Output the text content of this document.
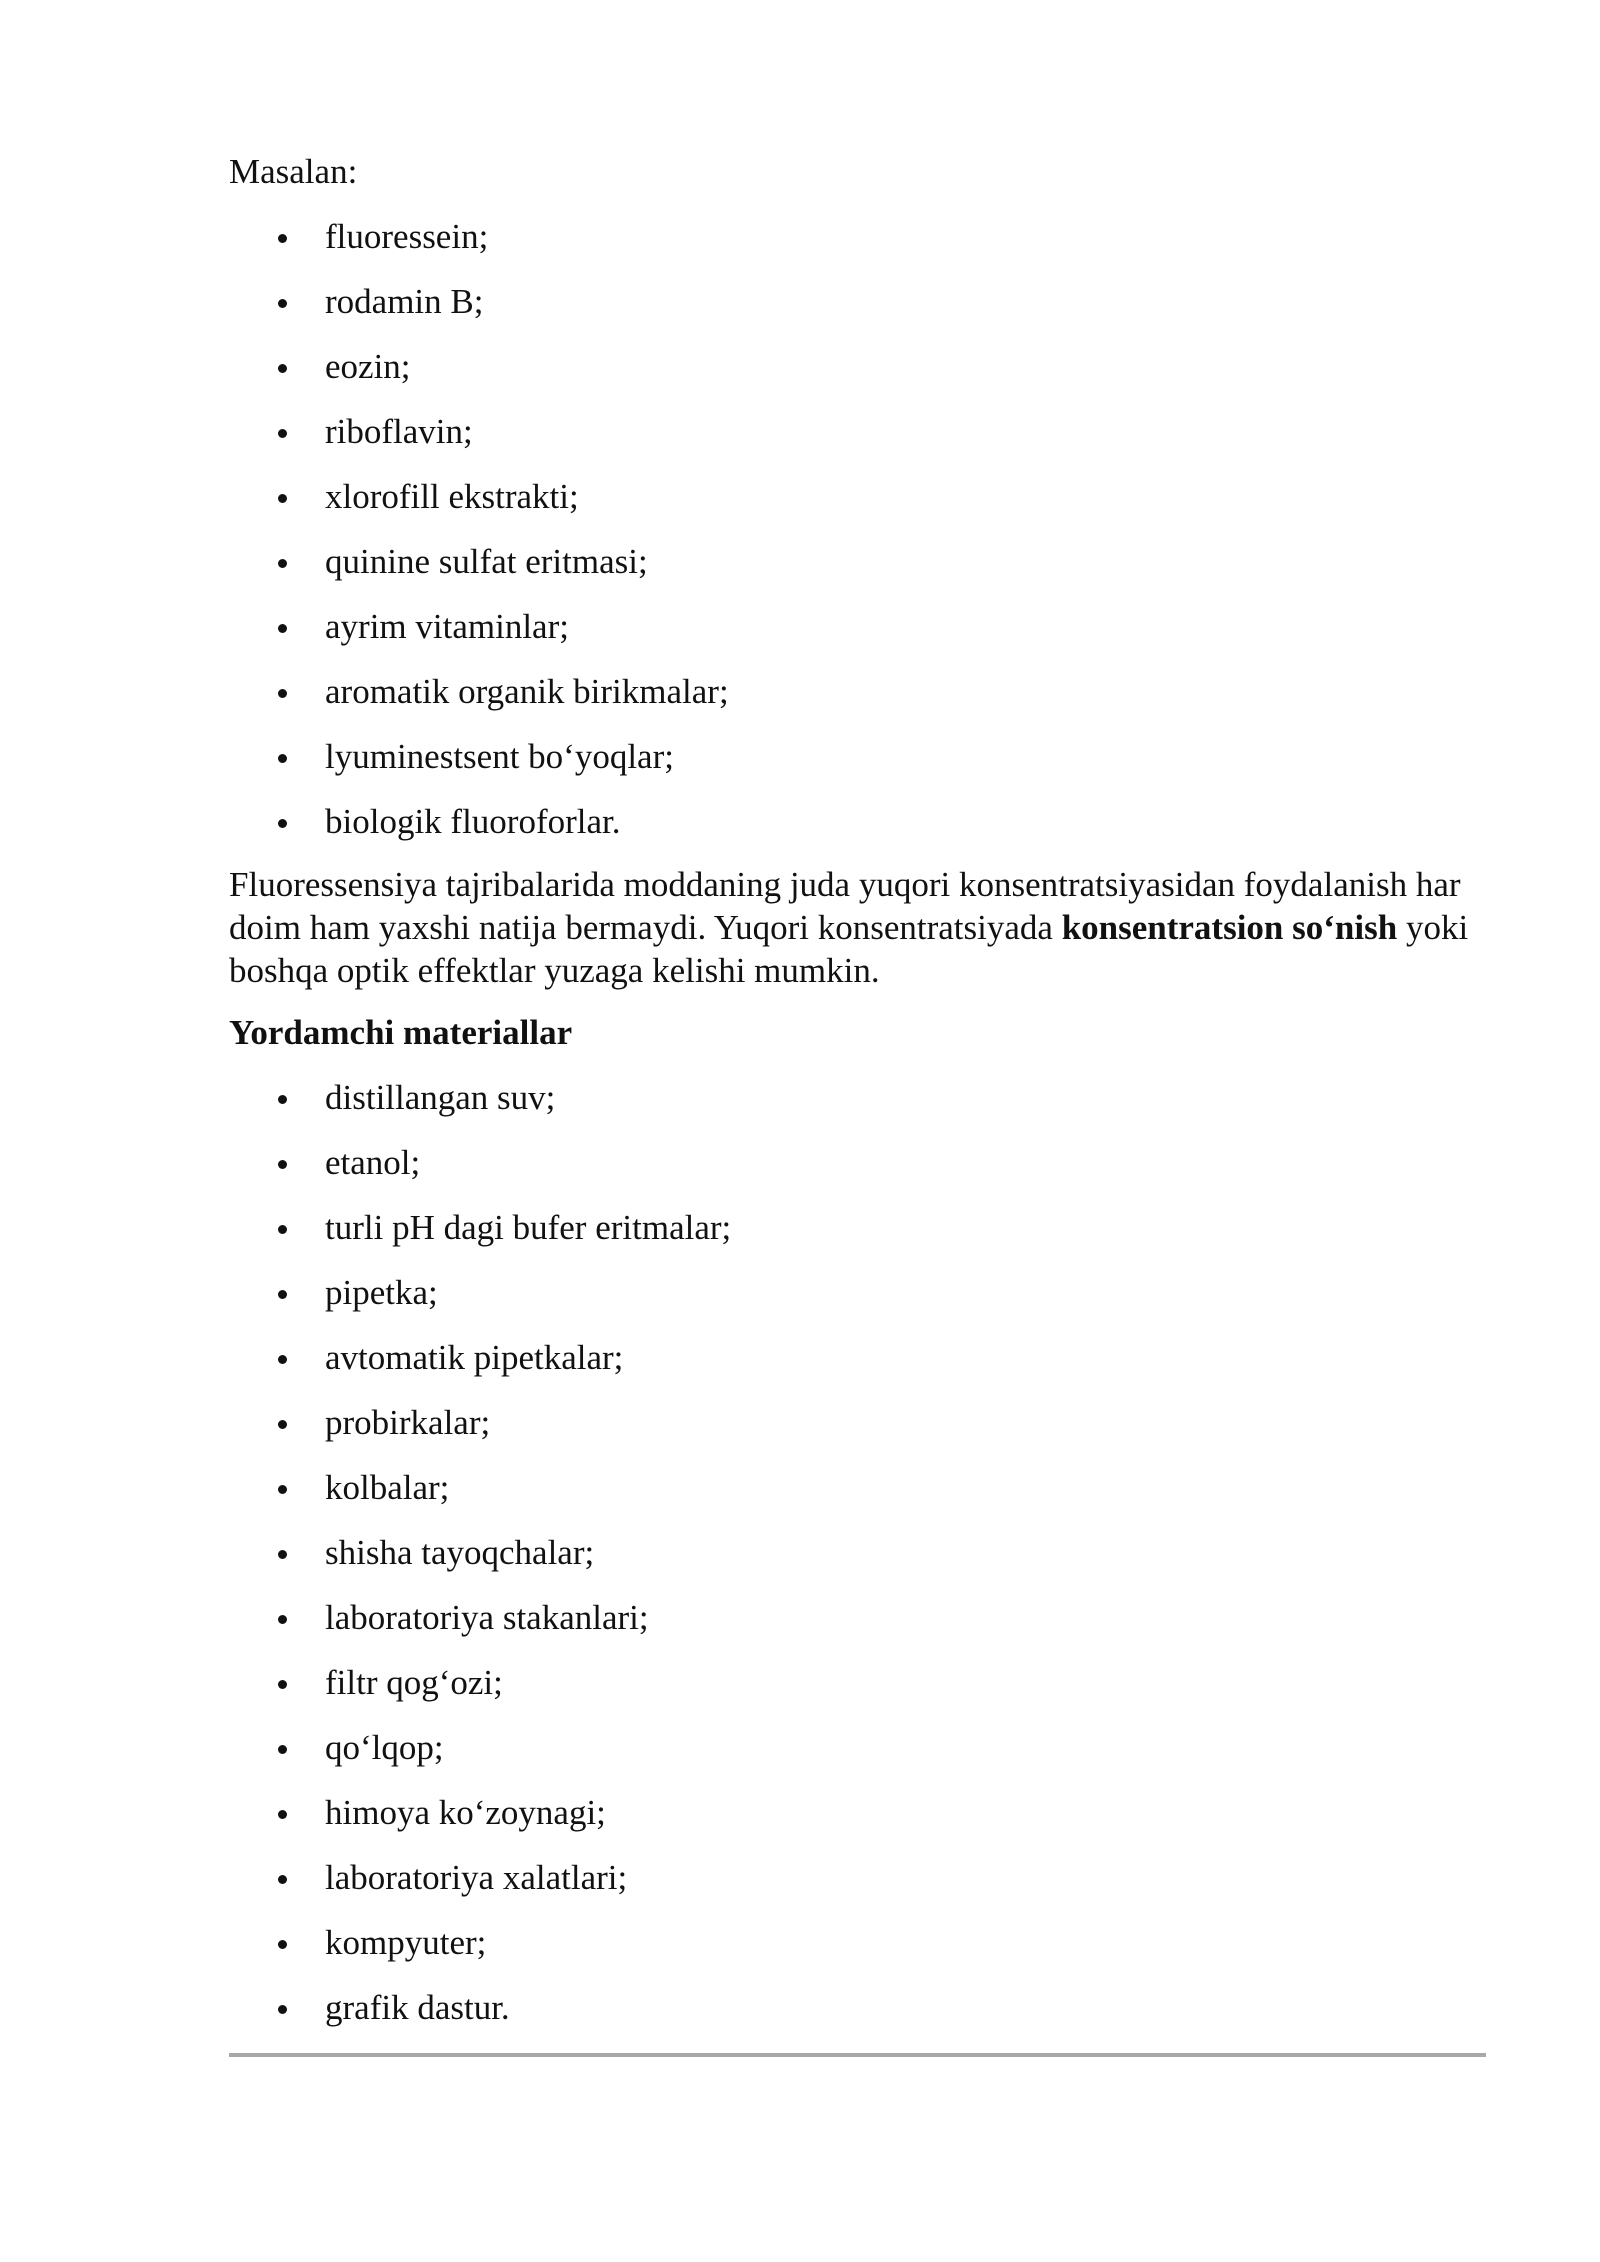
Masalan:

fluoressein;
rodamin B;
eozin;
riboflavin;
xlorofill ekstrakti;
quinine sulfat eritmasi;
ayrim vitaminlar;
aromatik organik birikmalar;
lyuminestsent bo‘yoqlar;
biologik fluoroforlar.

Fluoressensiya tajribalarida moddaning juda yuqori konsentratsiyasidan foydalanish har doim ham yaxshi natija bermaydi. Yuqori konsentratsiyada konsentratsion so‘nish yoki boshqa optik effektlar yuzaga kelishi mumkin.

Yordamchi materiallar

distillangan suv;
etanol;
turli pH dagi bufer eritmalar;
pipetka;
avtomatik pipetkalar;
probirkalar;
kolbalar;
shisha tayoqchalar;
laboratoriya stakanlari;
filtr qog‘ozi;
qo‘lqop;
himoya ko‘zoynagi;
laboratoriya xalatlari;
kompyuter;
grafik dastur.
